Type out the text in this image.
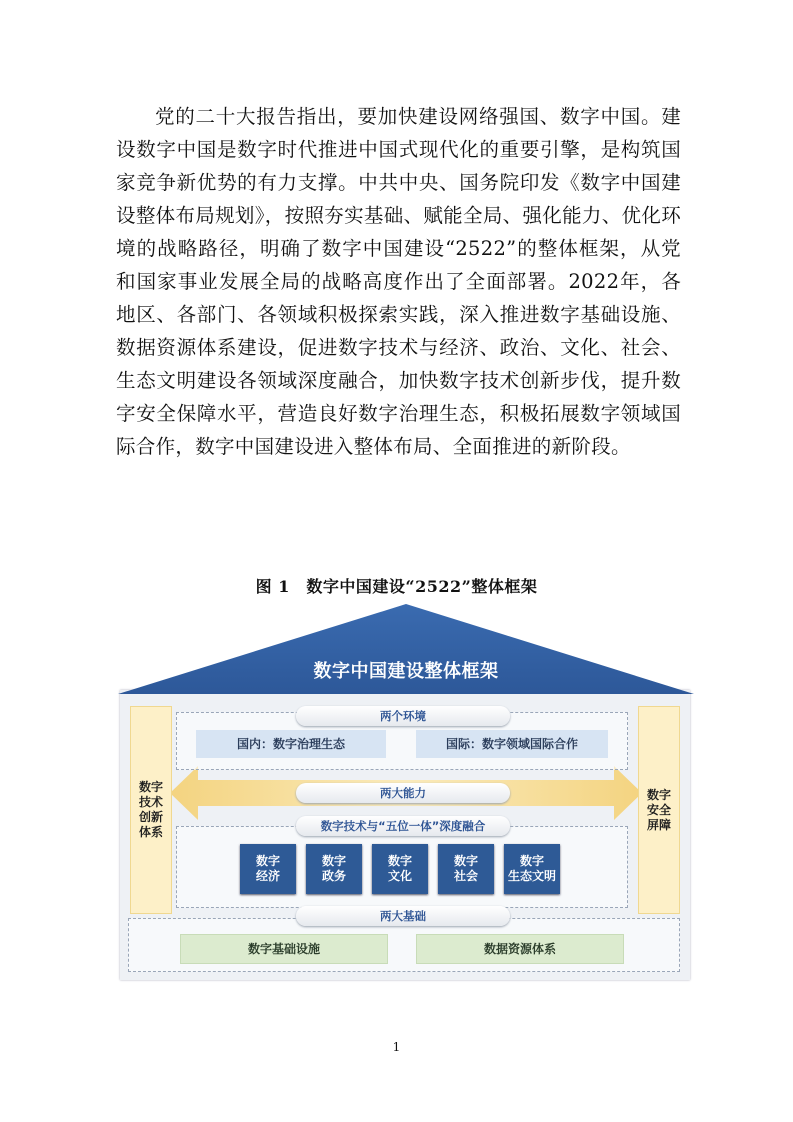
党的二十大报告指出，要加快建设网络强国、数字中国。建设数字中国是数字时代推进中国式现代化的重要引擎，是构筑国家竞争新优势的有力支撑。中共中央、国务院印发《数字中国建设整体布局规划》，按照夯实基础、赋能全局、强化能力、优化环境的战略路径，明确了数字中国建设“2522”的整体框架，从党和国家事业发展全局的战略高度作出了全面部署。2022年，各地区、各部门、各领域积极探索实践，深入推进数字基础设施、数据资源体系建设，促进数字技术与经济、政治、文化、社会、生态文明建设各领域深度融合，加快数字技术创新步伐，提升数字安全保障水平，营造良好数字治理生态，积极拓展数字领域国际合作，数字中国建设进入整体布局、全面推进的新阶段。

图 1　数字中国建设“2522”整体框架
数字中国建设整体框架
两个环境
国内：数字治理生态	国际：数字领域国际合作
数字
技术
创新
体系
数字
安全
屏障
两大能力
数字技术与“五位一体”深度融合
数字
经济
数字
政务
数字
文化
数字
社会
数字
生态文明
两大基础
数字基础设施	数据资源体系
1
